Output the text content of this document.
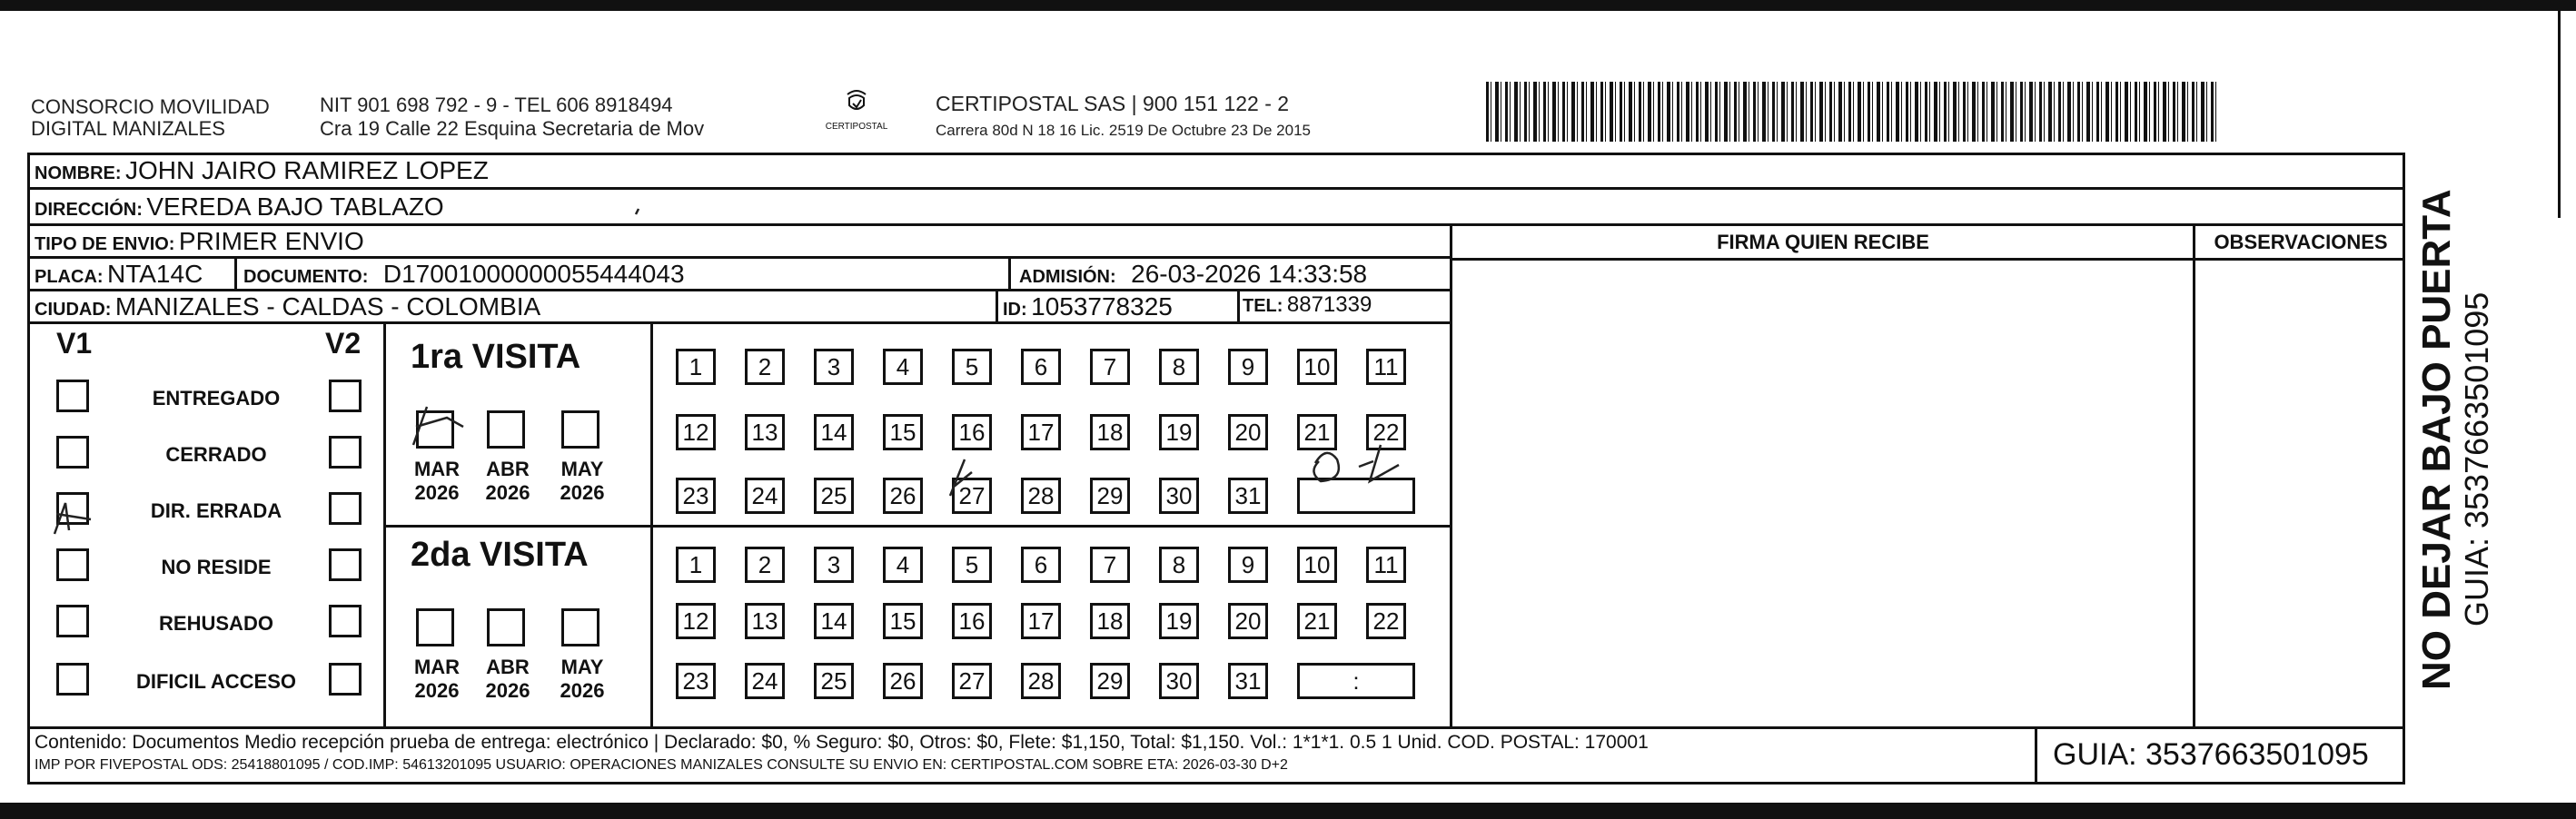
CONSORCIO MOVILIDAD
DIGITAL MANIZALES
NIT 901 698 792 - 9 - TEL 606 8918494
Cra 19 Calle 22 Esquina Secretaria de Mov	CERTIPOSTAL
CERTIPOSTAL SAS | 900 151 122 - 2
Carrera 80d N 18 16 Lic. 2519 De Octubre 23 De 2015
NOMBRE: JOHN JAIRO RAMIREZ LOPEZ
DIRECCIÓN: VEREDA BAJO TABLAZO
FIRMA QUIEN RECIBE	OBSERVACIONES
TIPO DE ENVIO: PRIMER ENVIO
PLACA: NTA14C DOCUMENTO: D17001000000055444043	ADMISIÓN: 26-03-2026 14:33:58
CIUDAD: MANIZALES - CALDAS - COLOMBIA	ID: 1053778325	TEL: 8871339
V1	V2
ENTREGADO
CERRADO
DIR. ERRADA
NO RESIDE
REHUSADO
DIFICIL ACCESO
1ra VISITA
2da VISITA
MAR
2026
ABR
2026
MAY
2026
MAR
2026
ABR
2026
MAY
2026
1	2	3	4	5	6	7	8	9	10	11
12 13 14 15 16 17 18 19 20 21 22
23 24 25 26 27 28 29 30 31
1	2	3	4	5	6	7	8	9	10	11
12 13 14 15 16 17 18 19 20 21 22
23 24 25 26 27 28 29 30 31	:
Contenido: Documentos Medio recepción prueba de entrega: electrónico | Declarado: $0, % Seguro: $0, Otros: $0, Flete: $1,150, Total: $1,150. Vol.: 1*1*1. 0.5 1 Unid. COD. POSTAL: 170001
IMP POR FIVEPOSTAL ODS: 25418801095 / COD.IMP: 54613201095 USUARIO: OPERACIONES MANIZALES CONSULTE SU ENVIO EN: CERTIPOSTAL.COM SOBRE ETA: 2026-03-30 D+2	GUIA: 3537663501095
NO DEJAR BAJO PUERTA GUIA: 3537663501095
